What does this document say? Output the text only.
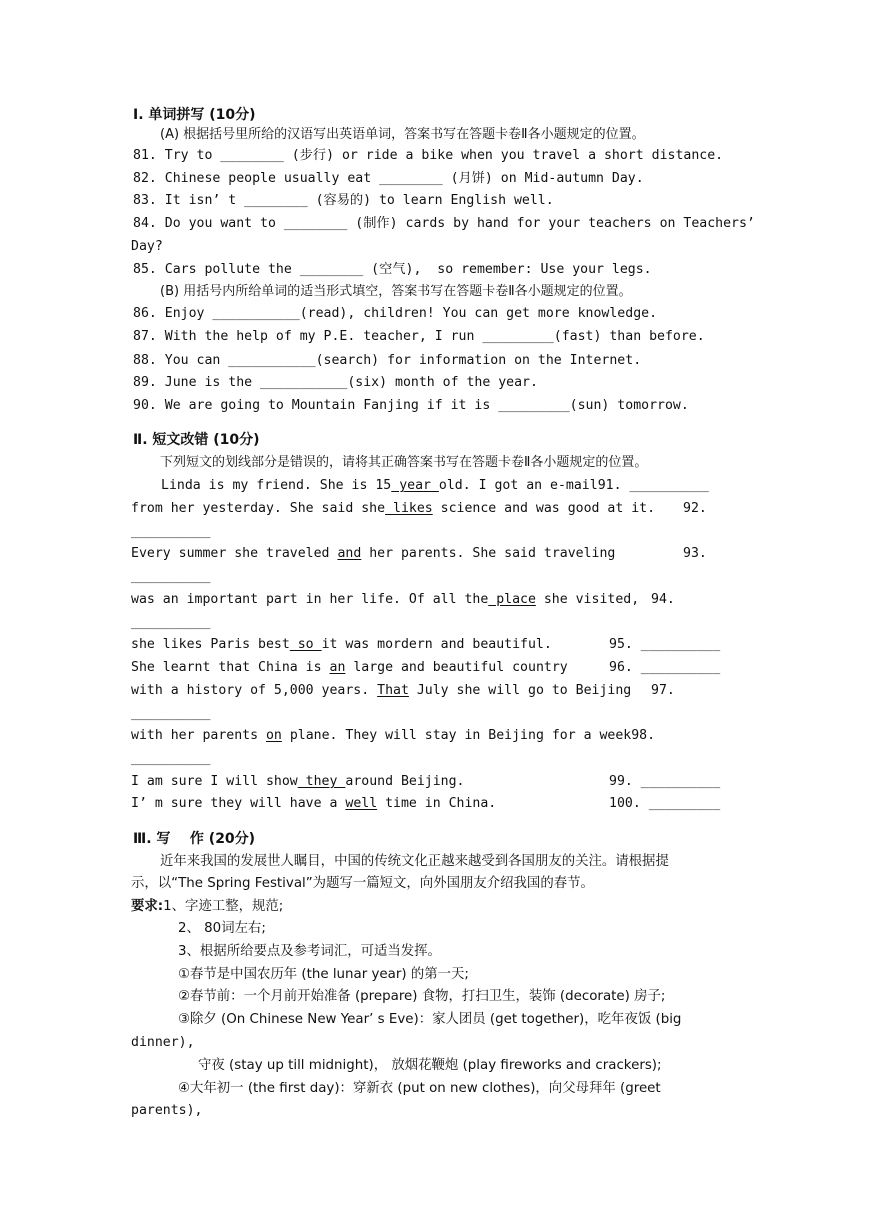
Ⅰ. 单词拼写 (10分)
(A) 根据括号里所给的汉语写出英语单词，答案书写在答题卡卷Ⅱ各小题规定的位置。
81. Try to ________ (步行) or ride a bike when you travel a short distance.
82. Chinese people usually eat ________ (月饼) on Mid-autumn Day.
83. It isn’ t ________ (容易的) to learn English well.
84. Do you want to ________ (制作) cards by hand for your teachers on Teachers’
Day?
85. Cars pollute the ________ (空气),  so remember: Use your legs.
(B) 用括号内所给单词的适当形式填空，答案书写在答题卡卷Ⅱ各小题规定的位置。
86. Enjoy ___________(read), children! You can get more knowledge.
87. With the help of my P.E. teacher, I run _________(fast) than before.
88. You can ___________(search) for information on the Internet.
89. June is the ___________(six) month of the year.
90. We are going to Mountain Fanjing if it is _________(sun) tomorrow.
Ⅱ. 短文改错 (10分)
下列短文的划线部分是错误的，请将其正确答案书写在答题卡卷Ⅱ各小题规定的位置。
Linda is my friend. She is 15 year old. I got an e-mail91. __________
from her yesterday. She said she likes science and was good at it. 92.
__________
Every summer she traveled and her parents. She said traveling	93.
__________
was an important part in her life. Of all the place she visited, 94.
__________
she likes Paris best so it was mordern and beautiful.	95. __________
She learnt that China is an large and beautiful country	96. __________
with a history of 5,000 years. That July she will go to Beijing 97.
__________
with her parents on plane. They will stay in Beijing for a week98.
__________
I am sure I will show they around Beijing.	99. __________
I’ m sure they will have a well time in China.	100. _________
Ⅲ. 写    作 (20分)
近年来我国的发展世人瞩目，中国的传统文化正越来越受到各国朋友的关注。请根据提
示，以“The Spring Festival”为题写一篇短文，向外国朋友介绍我国的春节。
要求:1、字迹工整，规范;
2、 80词左右;
3、根据所给要点及参考词汇，可适当发挥。
①春节是中国农历年 (the lunar year) 的第一天;
②春节前：一个月前开始准备 (prepare) 食物，打扫卫生，装饰 (decorate) 房子;
③除夕 (On Chinese New Year’ s Eve)：家人团员 (get together)，吃年夜饭 (big
dinner),
守夜 (stay up till midnight)， 放烟花鞭炮 (play fireworks and crackers);
④大年初一 (the first day)：穿新衣 (put on new clothes)，向父母拜年 (greet
parents),
